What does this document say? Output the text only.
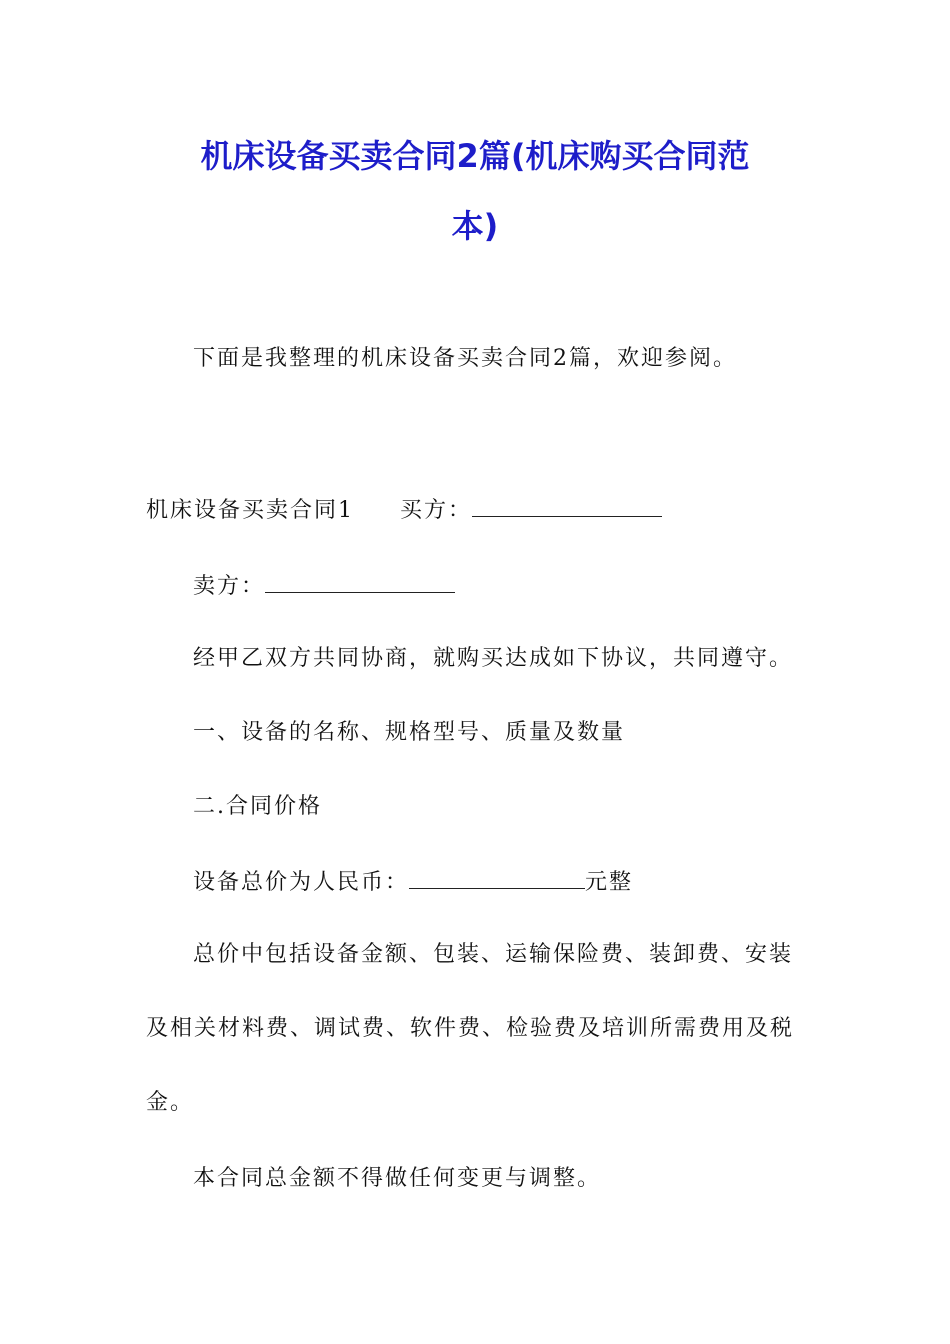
机床设备买卖合同2篇(机床购买合同范
本)
下面是我整理的机床设备买卖合同2篇，欢迎参阅。
机床设备买卖合同1 买方：
卖方：
经甲乙双方共同协商，就购买达成如下协议，共同遵守。
一、设备的名称、规格型号、质量及数量
二.合同价格
设备总价为人民币：	元整
总价中包括设备金额、包装、运输保险费、装卸费、安装
及相关材料费、调试费、软件费、检验费及培训所需费用及税
金。
本合同总金额不得做任何变更与调整。
